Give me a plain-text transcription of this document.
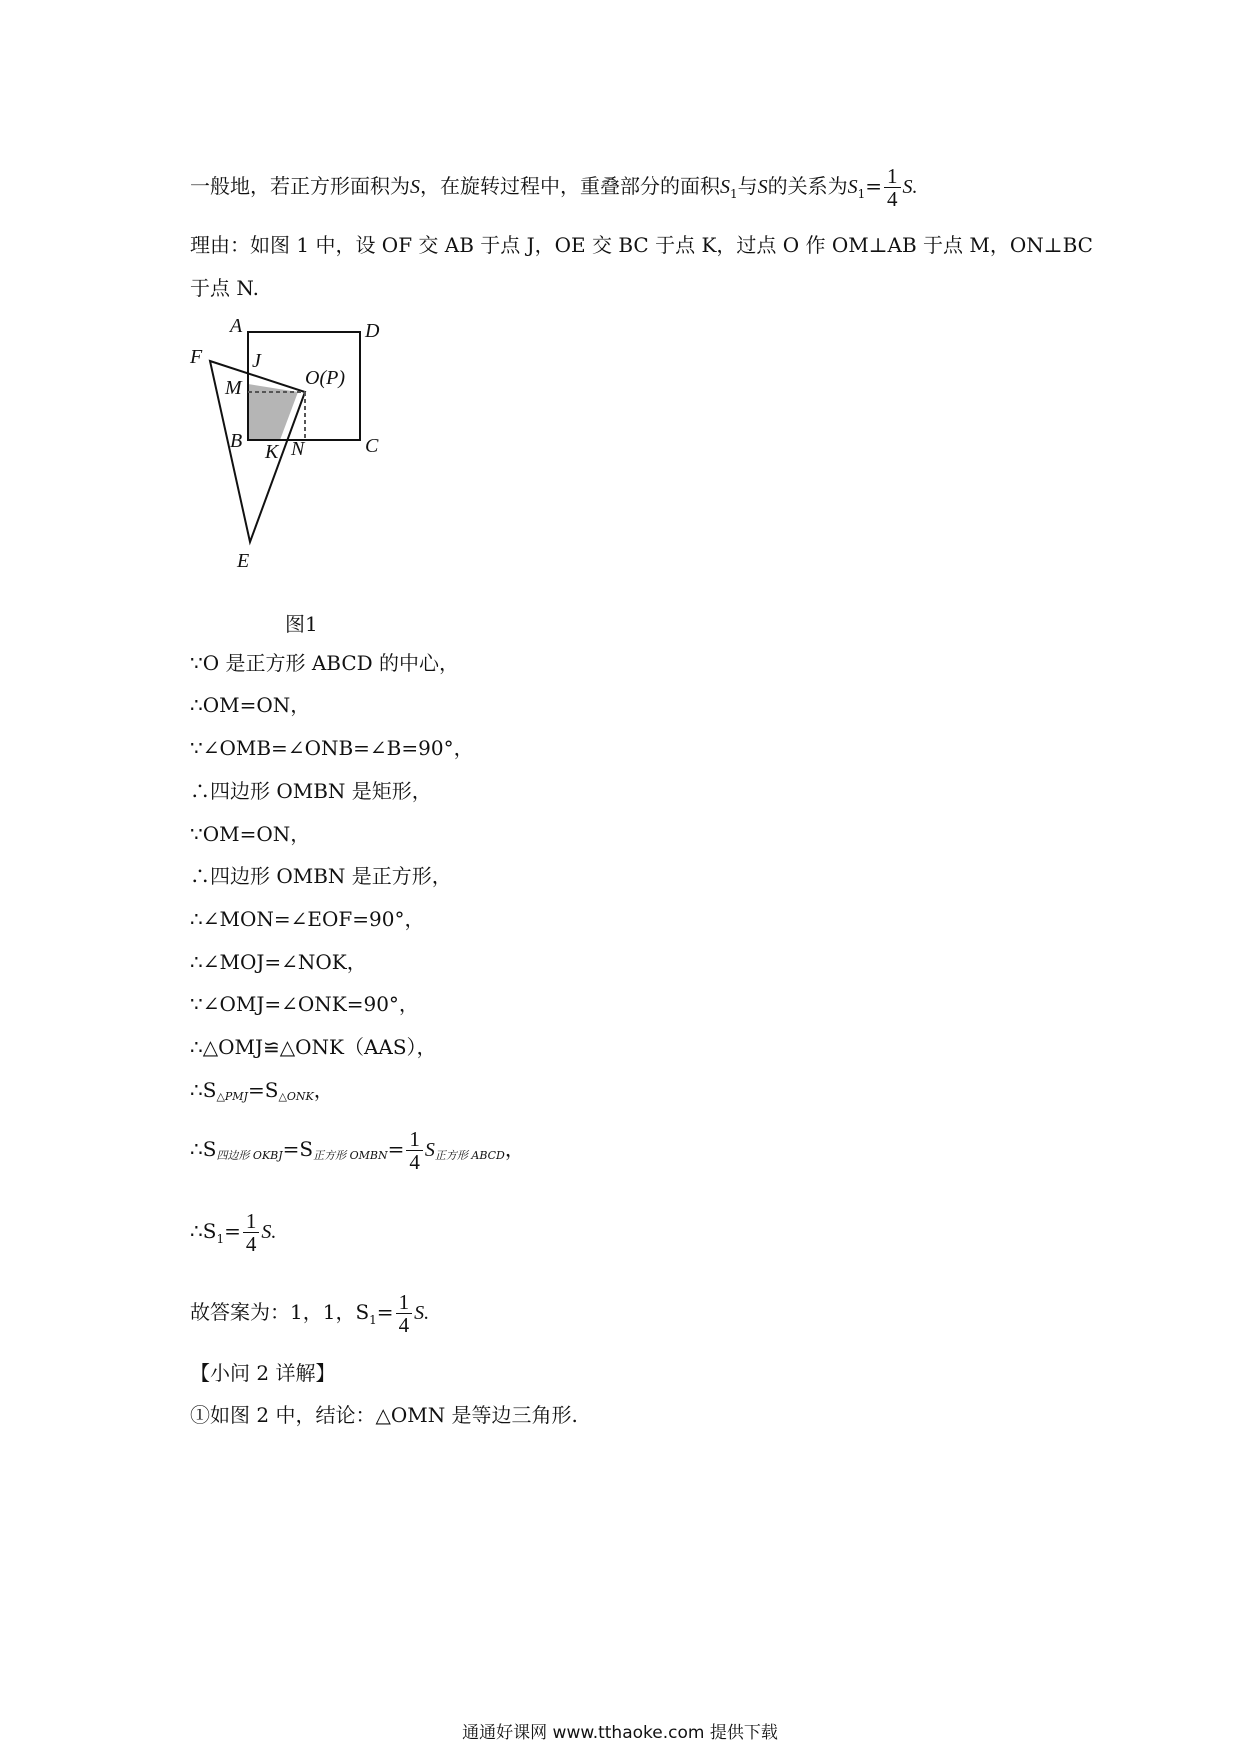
一般地，若正方形面积为S，在旋转过程中，重叠部分的面积$S_1$与S的关系为$S_1= \frac{1}{4} S$.
理由：如图 1 中，设 OF 交 AB 于点 J，OE 交 BC 于点 K，过点 O 作 OM⊥AB 于点 M，ON⊥BC
于点 N.
A	D
F J
M	O(P)
B K N	C
E
图1
∵O 是正方形 ABCD 的中心，
∴OM=ON，
∵∠OMB=∠ONB=∠B=90°，
∴四边形 OMBN 是矩形，
∵OM=ON，
∴四边形 OMBN 是正方形，
∴∠MON=∠EOF=90°，
∴∠MOJ=∠NOK，
∵∠OMJ=∠ONK=90°，
∴△OMJ≌△ONK（AAS），
∴S△PMJ=S△ONK，
∴S四边形 OKBJ=S正方形 OMBN= $\frac{1}{4}$ S正方形 ABCD，
$\therefore S_1= \frac{1}{4} S$.
故答案为：1，1，$S_1= \frac{1}{4} S$.
【小问 2 详解】
①如图 2 中，结论：△OMN 是等边三角形.
通通好课网 www.tthaoke.com 提供下载
